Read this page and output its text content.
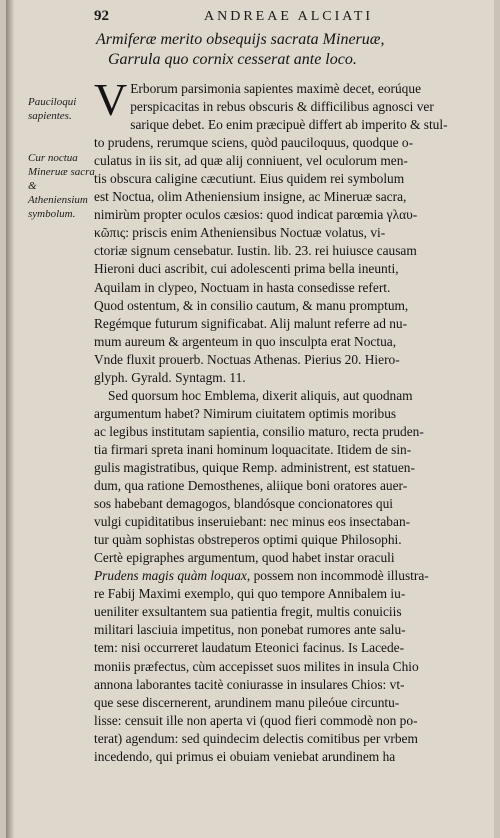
92	ANDREAE ALCIATI
Armiferæ merito obsequijs sacrata Mineruæ,
Garrula quo cornix cesserat ante loco.
Pauciloqui sapientes.
Cur noctua Mineruæ sacra & Atheniensium symbolum.
V Erborum parsimonia sapientes maximè decet, eorúque
perspicacitas in rebus obscuris & difficilibus agnosci ver
sarique debet. Eo enim præcipuè differt ab imperito & stul-
to prudens, rerumque sciens, quòd pauciloquus, quodque o-
culatus in iis sit, ad quæ alij conniuent, vel oculorum men-
tis obscura caligine cæcutiunt. Eius quidem rei symbolum
est Noctua, olim Atheniensium insigne, ac Mineruæ sacra,
nimirùm propter oculos cæsios: quod indicat parœmia γλαυ-
κῶπις: priscis enim Atheniensibus Noctuæ volatus, vi-
ctoriæ signum censebatur. Iustin. lib. 23. rei huiusce causam
Hieroni duci ascribit, cui adolescenti prima bella ineunti,
Aquilam in clypeo, Noctuam in hasta consedisse refert.
Quod ostentum, & in consilio cautum, & manu promptum,
Regémque futurum significabat. Alij malunt referre ad nu-
mum aureum & argenteum in quo insculpta erat Noctua,
Vnde fluxit prouerb. Noctuas Athenas. Pierius 20. Hiero-
glyph. Gyrald. Syntagm. 11.
Sed quorsum hoc Emblema, dixerit aliquis, aut quodnam
argumentum habet? Nimirum ciuitatem optimis moribus
ac legibus institutam sapientia, consilio maturo, recta pruden-
tia firmari spreta inani hominum loquacitate. Itidem de sin-
gulis magistratibus, quique Remp. administrent, est statuen-
dum, qua ratione Demosthenes, aliique boni oratores auer-
sos habebant demagogos, blandósque concionatores qui
vulgi cupiditatibus inseruiebant: nec minus eos insectaban-
tur quàm sophistas obstreperos optimi quique Philosophi.
Certè epigraphes argumentum, quod habet instar oraculi
Prudens magis quàm loquax, possem non incommodè illustra-
re Fabij Maximi exemplo, qui quo tempore Annibalem iu-
ueniliter exsultantem sua patientia fregit, multis conuiciis
militari lasciuia impetitus, non ponebat rumores ante salu-
tem: nisi occurreret laudatum Eteonici facinus. Is Lacede-
moniis præfectus, cùm accepisset suos milites in insula Chio
annona laborantes tacitè coniurasse in insulares Chios: vt-
que sese discernerent, arundinem manu pileóue circuntu-
lisse: censuit ille non aperta vi (quod fieri commodè non po-
terat) agendum: sed quindecim delectis comitibus per vrbem
incedendo, qui primus ei obuiam veniebat arundinem ha
